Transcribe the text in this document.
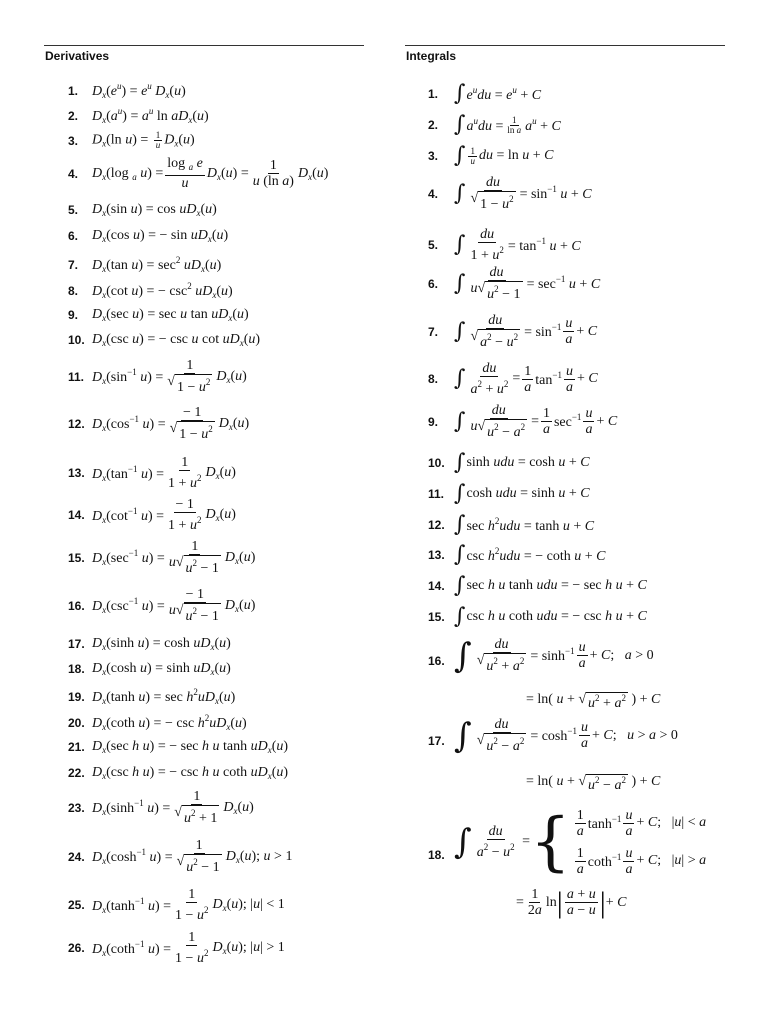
Derivatives	Integrals
1. $D_x(e^u) = e^u$ $D_x(u)$
2. $D_x(a^u) = a^u$ $\ln aD_x(u)$
3. $D_x(\ln$ $u) = \frac{1}{u} D_x(u)$
4. $D_x(\log$ $_a$ $u) = \frac{\log _a e}{u} D_x(u) = \frac{1}{\text{u (ln a)}} D_x(u)$
5. $D_x(\sin$ $u) = \cos uD_x(u)$
6. $D_x(\cos$ u) = − $\sin uD_x(u)$
7. $D_x(\tan$ $u) = \sec^2 uD_x(u)$
8. $D_x(\cot$ u) = − $\csc^2 uD_x(u)$
9. $D_x(\sec$ u) = sec u $\tan uD_x(u)$
10. $D_x(\csc$ u) = − csc u $\cot uD_x(u)$
11. $D_x(\sin^{-1}$ $u) = \frac{1}{√ 1 - u^2} D_x(u)$
12. $D_x(\cos^{-1}$ $u) = \frac{- 1}{√ 1 - u^2} D_x(u)$
13. $D_x(\tan^{-1}$ $u) = \frac{1}{1 + u^2} D_x(u)$
14. $D_x(\cot^{-1}$ $u) = \frac{- 1}{1 + u^2} D_x(u)$
15. $D_x(\sec^{-1}$ $u) = \frac{1}{u √ u^2 - 1} D_x(u)$
16. $D_x(\csc^{-1}$ $u) = \frac{- 1}{u √ u^2 - 1} D_x(u)$
17. $D_x(\sinh$ $u) = \cosh uD_x(u)$
18. $D_x(\cosh$ $u) = \sinh uD_x(u)$
19. $D_x(\tanh$ $u) = \sec h^2uD_x(u)$
20. $D_x(\cot h$ u) = − $\csc h^2uD_x(u)$
21. $D_x(\sec$ h u) = − sec h u $\tanh uD_x(u)$
22. $D_x(\csc$ h u) = − csc h u coth $uD_x(u)$
23. $D_x(\sinh^{-1}$ $u) = \frac{1}{√ u^2 + 1} D_x(u)$
24. $D_x(\cosh^{-1}$ $u) = \frac{1}{√ u^2 - 1} D_x(u)$; u > 1
25. $D_x(\tanh^{-1}$ $u) = \frac{1}{1 - u^2} D_x(u)$; |u| < 1
26. $D_x(\cot h^{-1}$ $u) = \frac{1}{1 - u^2} D_x(u)$; |u| > 1
1. ∫ $e^udu = e^u + C$
2. ∫ $a^udu = \frac{1}{\text{ln a}} a^u + C$
3. ∫ $\frac{1}{u}$ du = ln u + C
4. ∫ $\frac{du}{√ 1 - u^2} = \sin^{-1} u + C$
5. ∫ $\frac{du}{1 + u^2} = \tan^{-1} u + C$
6. ∫ $\frac{du}{u √ u^2 - 1} = \sec^{-1} u + C$
7. ∫ $\frac{du}{√ a^2 - u^2} = \sin^{-1} \frac{u}{a} + C$
8. ∫ $\frac{du}{a^2 + u^2} = \frac{1}{a} \tan^{-1} \frac{u}{a} + C$
9. ∫ $\frac{du}{u √ u^2 - a^2} = \frac{1}{a} \sec^{-1} \frac{u}{a} + C$
10. ∫ sinh udu = cosh u + C
11. ∫ cosh udu = sinh u + C
12. ∫ $\sec h^2udu = \tanh u + C$
13. ∫ $\csc h^2udu$ = − coth u + C
14. ∫ sec h u tanh udu = − sec h u + C
15. ∫ csc h u coth udu = − csc h u + C
16. ∫ $\frac{du}{√ u^2 + a^2} = \sinh^{-1} \frac{u}{a} + C$;   a > 0
= ln( u + √ $u^2 + a^2$ ) + C
17. ∫ $\frac{du}{√ u^2 - a^2} = \cosh^{-1} \frac{u}{a} + C$;   u > a > 0
= ln( u + √ $u^2 - a^2$ ) + C
18. ∫ $\frac{du}{a^2 - u^2}$ = { $\frac{1}{a} \tanh^{-1} \frac{u}{a} + C$;   |u| < a
$\frac{1}{a} \cot h^{-1} \frac{u}{a} + C$;   |u| > a
= $\frac{1}{2a}$ ln | $\frac{a + u}{a - u}$ | + C
